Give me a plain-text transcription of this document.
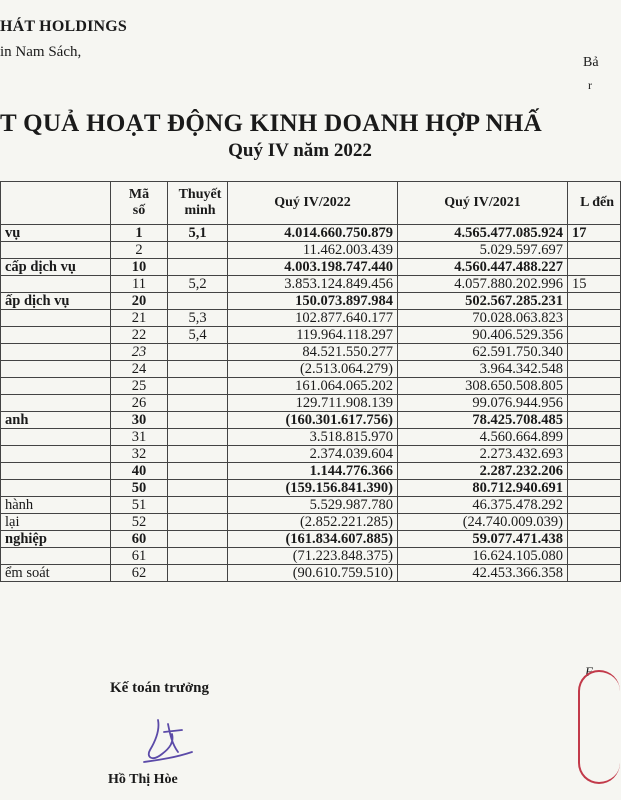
HÁT HOLDINGS
in Nam Sách,
Bả
r
T QUẢ HOẠT ĐỘNG KINH DOANH HỢP NHẤ
Quý IV năm 2022
	Mã số	Thuyết minh	Quý IV/2022	Quý IV/2021	L đến
vụ	1	5,1	4.014.660.750.879	4.565.477.085.924	17
	2		11.462.003.439	5.029.597.697	
cấp dịch vụ	10		4.003.198.747.440	4.560.447.488.227	
	11	5,2	3.853.124.849.456	4.057.880.202.996	15
ấp dịch vụ	20		150.073.897.984	502.567.285.231	
	21	5,3	102.877.640.177	70.028.063.823	
	22	5,4	119.964.118.297	90.406.529.356	
	23		84.521.550.277	62.591.750.340	
	24		(2.513.064.279)	3.964.342.548	
	25		161.064.065.202	308.650.508.805	
	26		129.711.908.139	99.076.944.956	
anh	30		(160.301.617.756)	78.425.708.485	
	31		3.518.815.970	4.560.664.899	
	32		2.374.039.604	2.273.432.693	
	40		1.144.776.366	2.287.232.206	
	50		(159.156.841.390)	80.712.940.691	
hành	51		5.529.987.780	46.375.478.292	
lại	52		(2.852.221.285)	(24.740.009.039)	
nghiệp	60		(161.834.607.885)	59.077.471.438	
	61		(71.223.848.375)	16.624.105.080	
ểm soát	62		(90.610.759.510)	42.453.366.358	
Kế toán trưởng
Hồ Thị Hòe
F
